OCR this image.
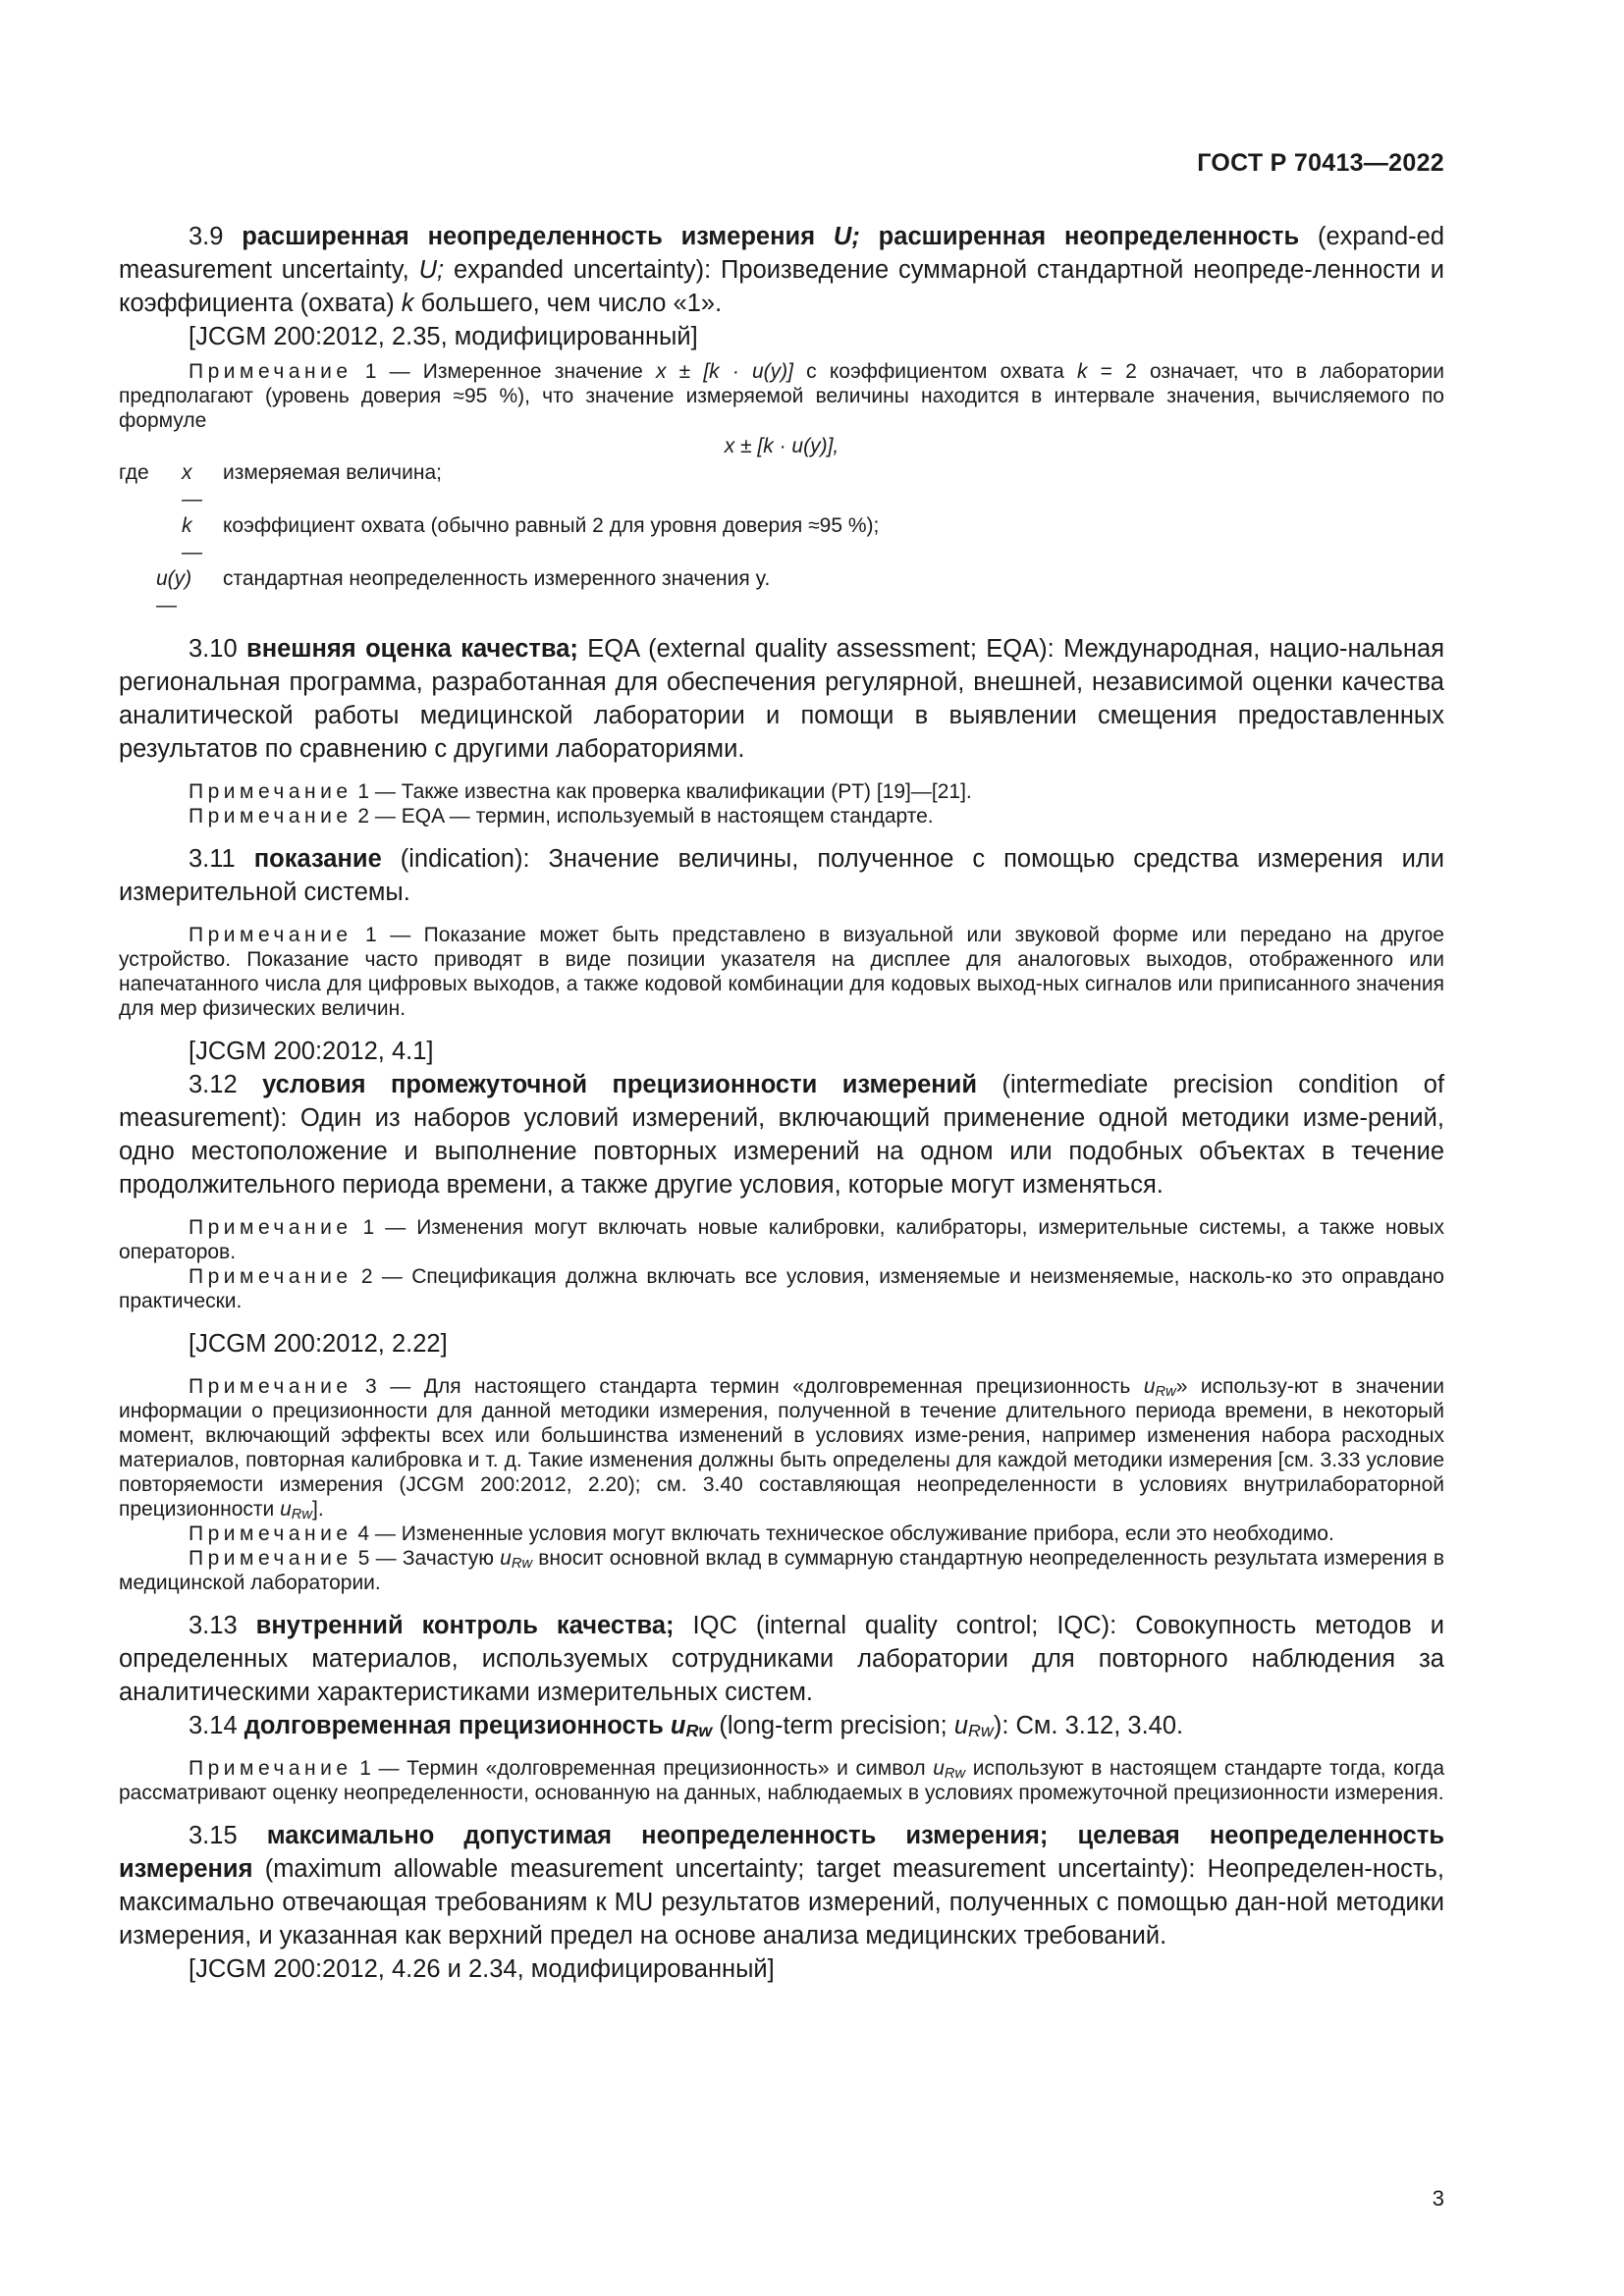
ГОСТ Р 70413—2022

3.9 расширенная неопределенность измерения U; расширенная неопределенность (expand-ed measurement uncertainty, U; expanded uncertainty): Произведение суммарной стандартной неопреде-ленности и коэффициента (охвата) k большего, чем число «1».

[JCGM 200:2012, 2.35, модифицированный]

Примечание 1 — Измеренное значение x ± [k · u(y)] с коэффициентом охвата k = 2 означает, что в лаборатории предполагают (уровень доверия ≈95 %), что значение измеряемой величины находится в интервале значения, вычисляемого по формуле

x ± [k · u(y)],

где	x —
измеряемая величина;
k —
коэффициент охвата (обычно равный 2 для уровня доверия ≈95 %);
u(y) —
стандартная неопределенность измеренного значения y.

3.10 внешняя оценка качества; EQA (external quality assessment; EQA): Международная, нацио-нальная региональная программа, разработанная для обеспечения регулярной, внешней, независимой оценки качества аналитической работы медицинской лаборатории и помощи в выявлении смещения предоставленных результатов по сравнению с другими лабораториями.

Примечание 1 — Также известна как проверка квалификации (PT) [19]—[21].

Примечание 2 — EQA — термин, используемый в настоящем стандарте.

3.11 показание (indication): Значение величины, полученное с помощью средства измерения или измерительной системы.

Примечание 1 — Показание может быть представлено в визуальной или звуковой форме или передано на другое устройство. Показание часто приводят в виде позиции указателя на дисплее для аналоговых выходов, отображенного или напечатанного числа для цифровых выходов, а также кодовой комбинации для кодовых выход-ных сигналов или приписанного значения для мер физических величин.

[JCGM 200:2012, 4.1]

3.12 условия промежуточной прецизионности измерений (intermediate precision condition of measurement): Один из наборов условий измерений, включающий применение одной методики изме-рений, одно местоположение и выполнение повторных измерений на одном или подобных объектах в течение продолжительного периода времени, а также другие условия, которые могут изменяться.

Примечание 1 — Изменения могут включать новые калибровки, калибраторы, измерительные системы, а также новых операторов.

Примечание 2 — Спецификация должна включать все условия, изменяемые и неизменяемые, насколь-ко это оправдано практически.

[JCGM 200:2012, 2.22]

Примечание 3 — Для настоящего стандарта термин «долговременная прецизионность $u_{Rw}$» использу-ют в значении информации о прецизионности для данной методики измерения, полученной в течение длительного периода времени, в некоторый момент, включающий эффекты всех или большинства изменений в условиях изме-рения, например изменения набора расходных материалов, повторная калибровка и т. д. Такие изменения должны быть определены для каждой методики измерения [см. 3.33 условие повторяемости измерения (JCGM 200:2012, 2.20); см. 3.40 составляющая неопределенности в условиях внутрилабораторной прецизионности $u_{Rw}$].

Примечание 4 — Измененные условия могут включать техническое обслуживание прибора, если это необходимо.

Примечание 5 — Зачастую $u_{Rw}$ вносит основной вклад в суммарную стандартную неопределенность результата измерения в медицинской лаборатории.

3.13 внутренний контроль качества; IQC (internal quality control; IQC): Совокупность методов и определенных материалов, используемых сотрудниками лаборатории для повторного наблюдения за аналитическими характеристиками измерительных систем.

3.14 долговременная прецизионность $u_{Rw}$ (long-term precision; $u_{Rw}$): См. 3.12, 3.40.

Примечание 1 — Термин «долговременная прецизионность» и символ $u_{Rw}$ используют в настоящем стандарте тогда, когда рассматривают оценку неопределенности, основанную на данных, наблюдаемых в условиях промежуточной прецизионности измерения.

3.15 максимально допустимая неопределенность измерения; целевая неопределенность измерения (maximum allowable measurement uncertainty; target measurement uncertainty): Неопределен-ность, максимально отвечающая требованиям к MU результатов измерений, полученных с помощью дан-ной методики измерения, и указанная как верхний предел на основе анализа медицинских требований.

[JCGM 200:2012, 4.26 и 2.34, модифицированный]

3
